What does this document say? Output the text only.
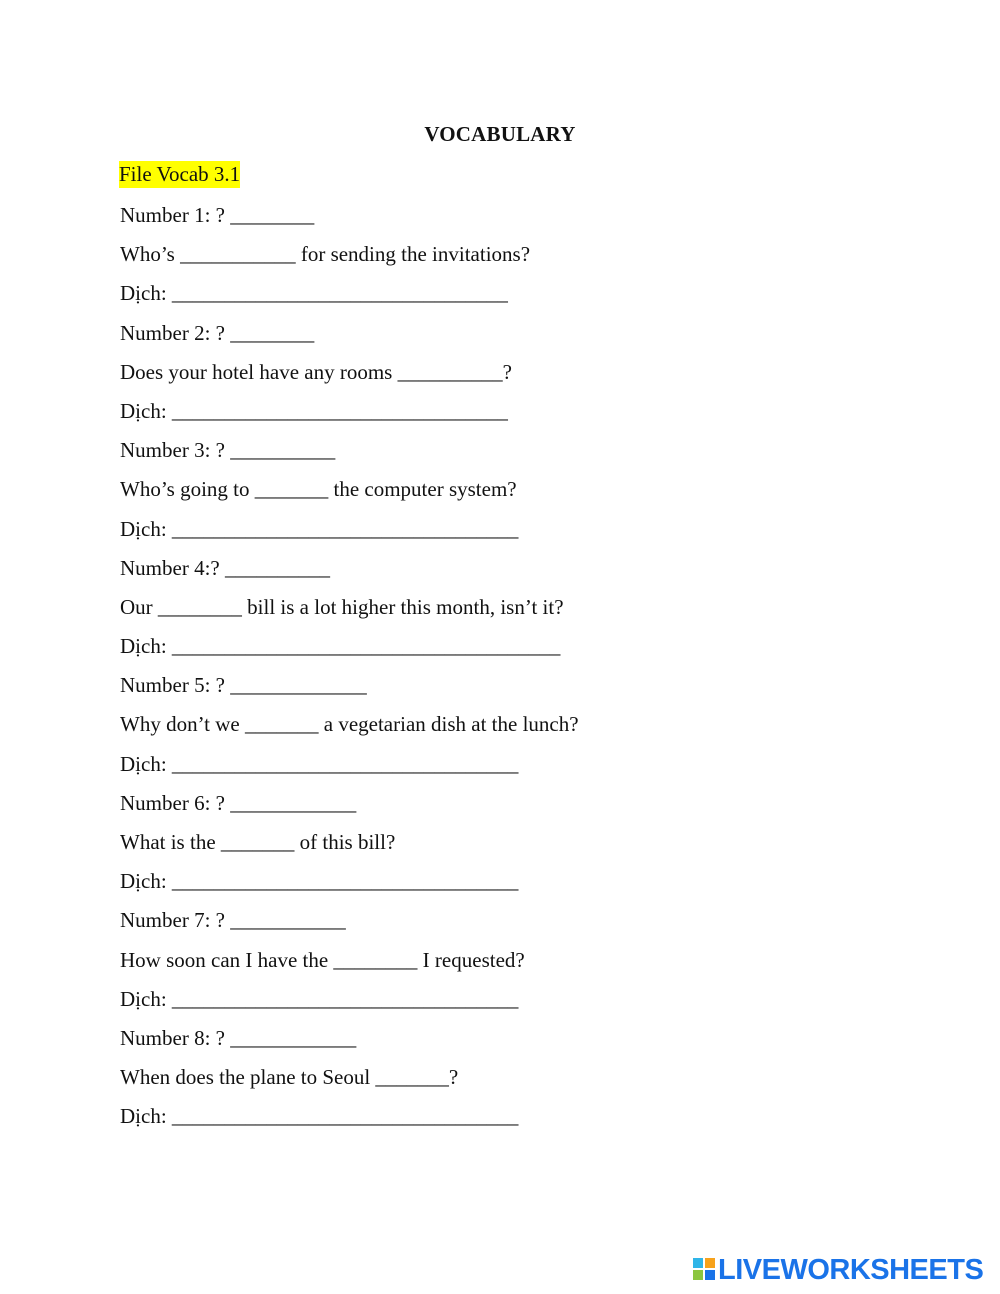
VOCABULARY
File Vocab 3.1
Number 1: ? ________
Who’s ___________ for sending the invitations?
Dịch: ________________________________
Number 2: ? ________
Does your hotel have any rooms __________?
Dịch: ________________________________
Number 3: ? __________
Who’s going to _______ the computer system?
Dịch: _________________________________
Number 4:? __________
Our ________ bill is a lot higher this month, isn’t it?
Dịch: _____________________________________
Number 5: ? _____________
Why don’t we _______ a vegetarian dish at the lunch?
Dịch: _________________________________
Number 6: ? ____________
What is the _______ of this bill?
Dịch: _________________________________
Number 7: ? ___________
How soon can I have the ________ I requested?
Dịch: _________________________________
Number 8: ? ____________
When does the plane to Seoul _______?
Dịch: _________________________________
LIVEWORKSHEETS
